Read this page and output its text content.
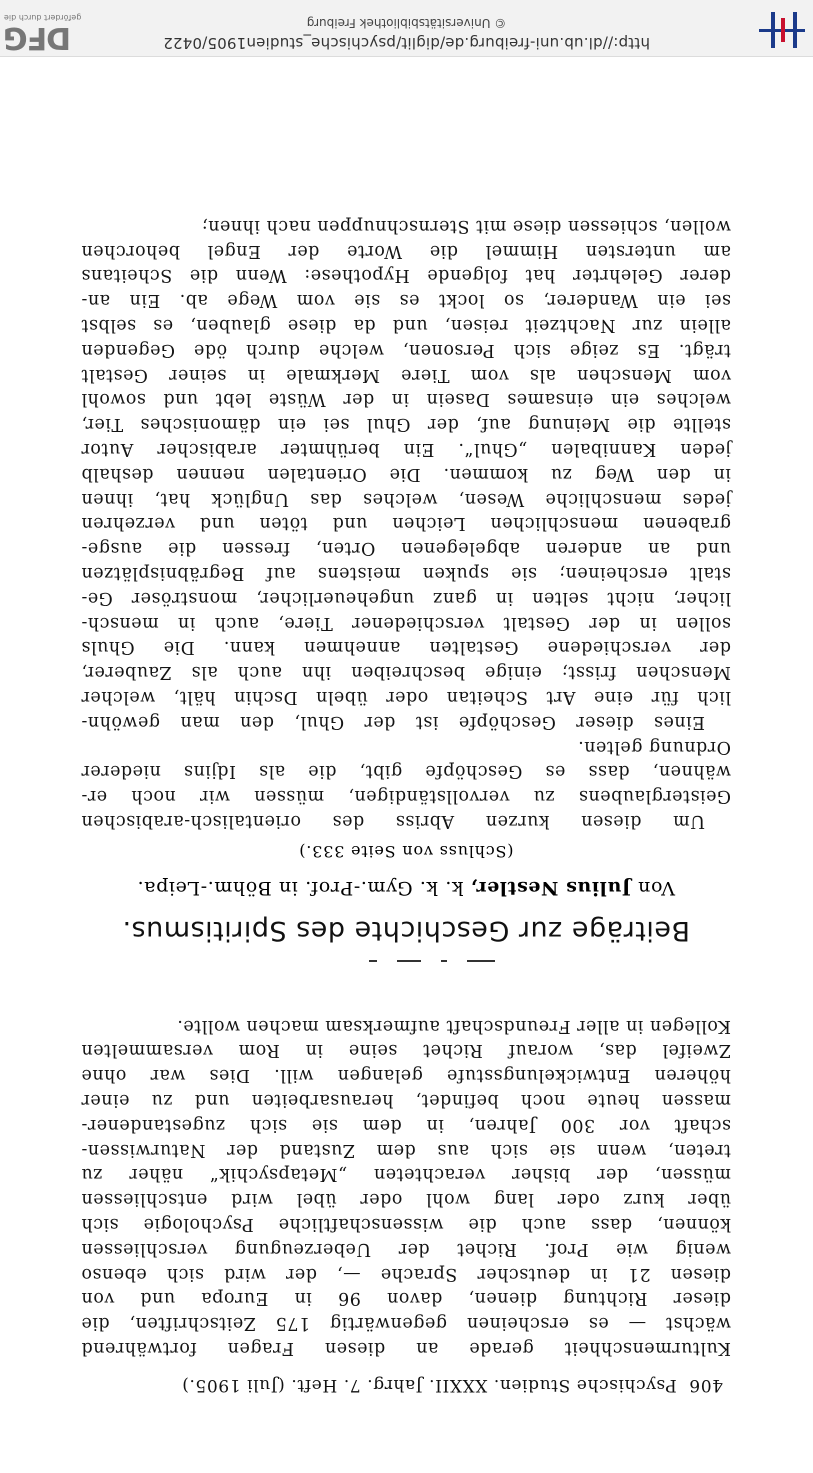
http://dl.ub.uni-freiburg.de/diglit/psychische_studien1905/0422
© Universitätsbibliothek Freiburg
DFG
gefördert durch die
406  Psychische Studien. XXXII. Jahrg. 7. Heft. (Juli 1905.)
Kulturmenschheit gerade an diesen Fragen fortwährend
wächst — es erscheinen gegenwärtig 175 Zeitschriften, die
dieser Richtung dienen, davon 96 in Europa und von
diesen 21 in deutscher Sprache —, der wird sich ebenso
wenig wie Prof. Richet der Ueberzeugung verschliessen
können, dass auch die wissenschaftliche Psychologie sich
über kurz oder lang wohl oder übel wird entschliessen
müssen, der bisher verachteten „Metapsychik“ näher zu
treten, wenn sie sich aus dem Zustand der Naturwissen-
schaft vor 300 Jahren, in dem sie sich zugestandener-
massen heute noch befindet, herausarbeiten und zu einer
höheren Entwickelungsstufe gelangen will. Dies war ohne
Zweifel das, worauf Richet seine in Rom versammelten
Kollegen in aller Freundschaft aufmerksam machen wollte.
Beiträge zur Geschichte des Spiritismus.
Von Julius Nestler, k. k. Gym.-Prof. in Böhm.-Leipa.
(Schluss von Seite 333.)
Um diesen kurzen Abriss des orientalisch-arabischen
Geisterglaubens zu vervollständigen, müssen wir noch er-
wähnen, dass es Geschöpfe gibt, die als Idjins niederer
Ordnung gelten.
Eines dieser Geschöpfe ist der Ghul, den man gewöhn-
lich für eine Art Scheitan oder übeln Dschin hält, welcher
Menschen frisst; einige beschreiben ihn auch als Zauberer,
der verschiedene Gestalten annehmen kann. Die Ghuls
sollen in der Gestalt verschiedener Tiere, auch in mensch-
licher, nicht selten in ganz ungeheuerlicher, monströser Ge-
stalt erscheinen; sie spuken meistens auf Begräbnisplätzen
und an anderen abgelegenen Orten, fressen die ausge-
grabenen menschlichen Leichen und töten und verzehren
jedes menschliche Wesen, welches das Unglück hat, ihnen
in den Weg zu kommen. Die Orientalen nennen deshalb
jeden Kannibalen „Ghul“. Ein berühmter arabischer Autor
stellte die Meinung auf, der Ghul sei ein dämonisches Tier,
welches ein einsames Dasein in der Wüste lebt und sowohl
vom Menschen als vom Tiere Merkmale in seiner Gestalt
trägt. Es zeige sich Personen, welche durch öde Gegenden
allein zur Nachtzeit reisen, und da diese glauben, es selbst
sei ein Wanderer, so lockt es sie vom Wege ab. Ein an-
derer Gelehrter hat folgende Hypothese: Wenn die Scheitans
am untersten Himmel die Worte der Engel behorchen
wollen, schiessen diese mit Sternschnuppen nach ihnen;
